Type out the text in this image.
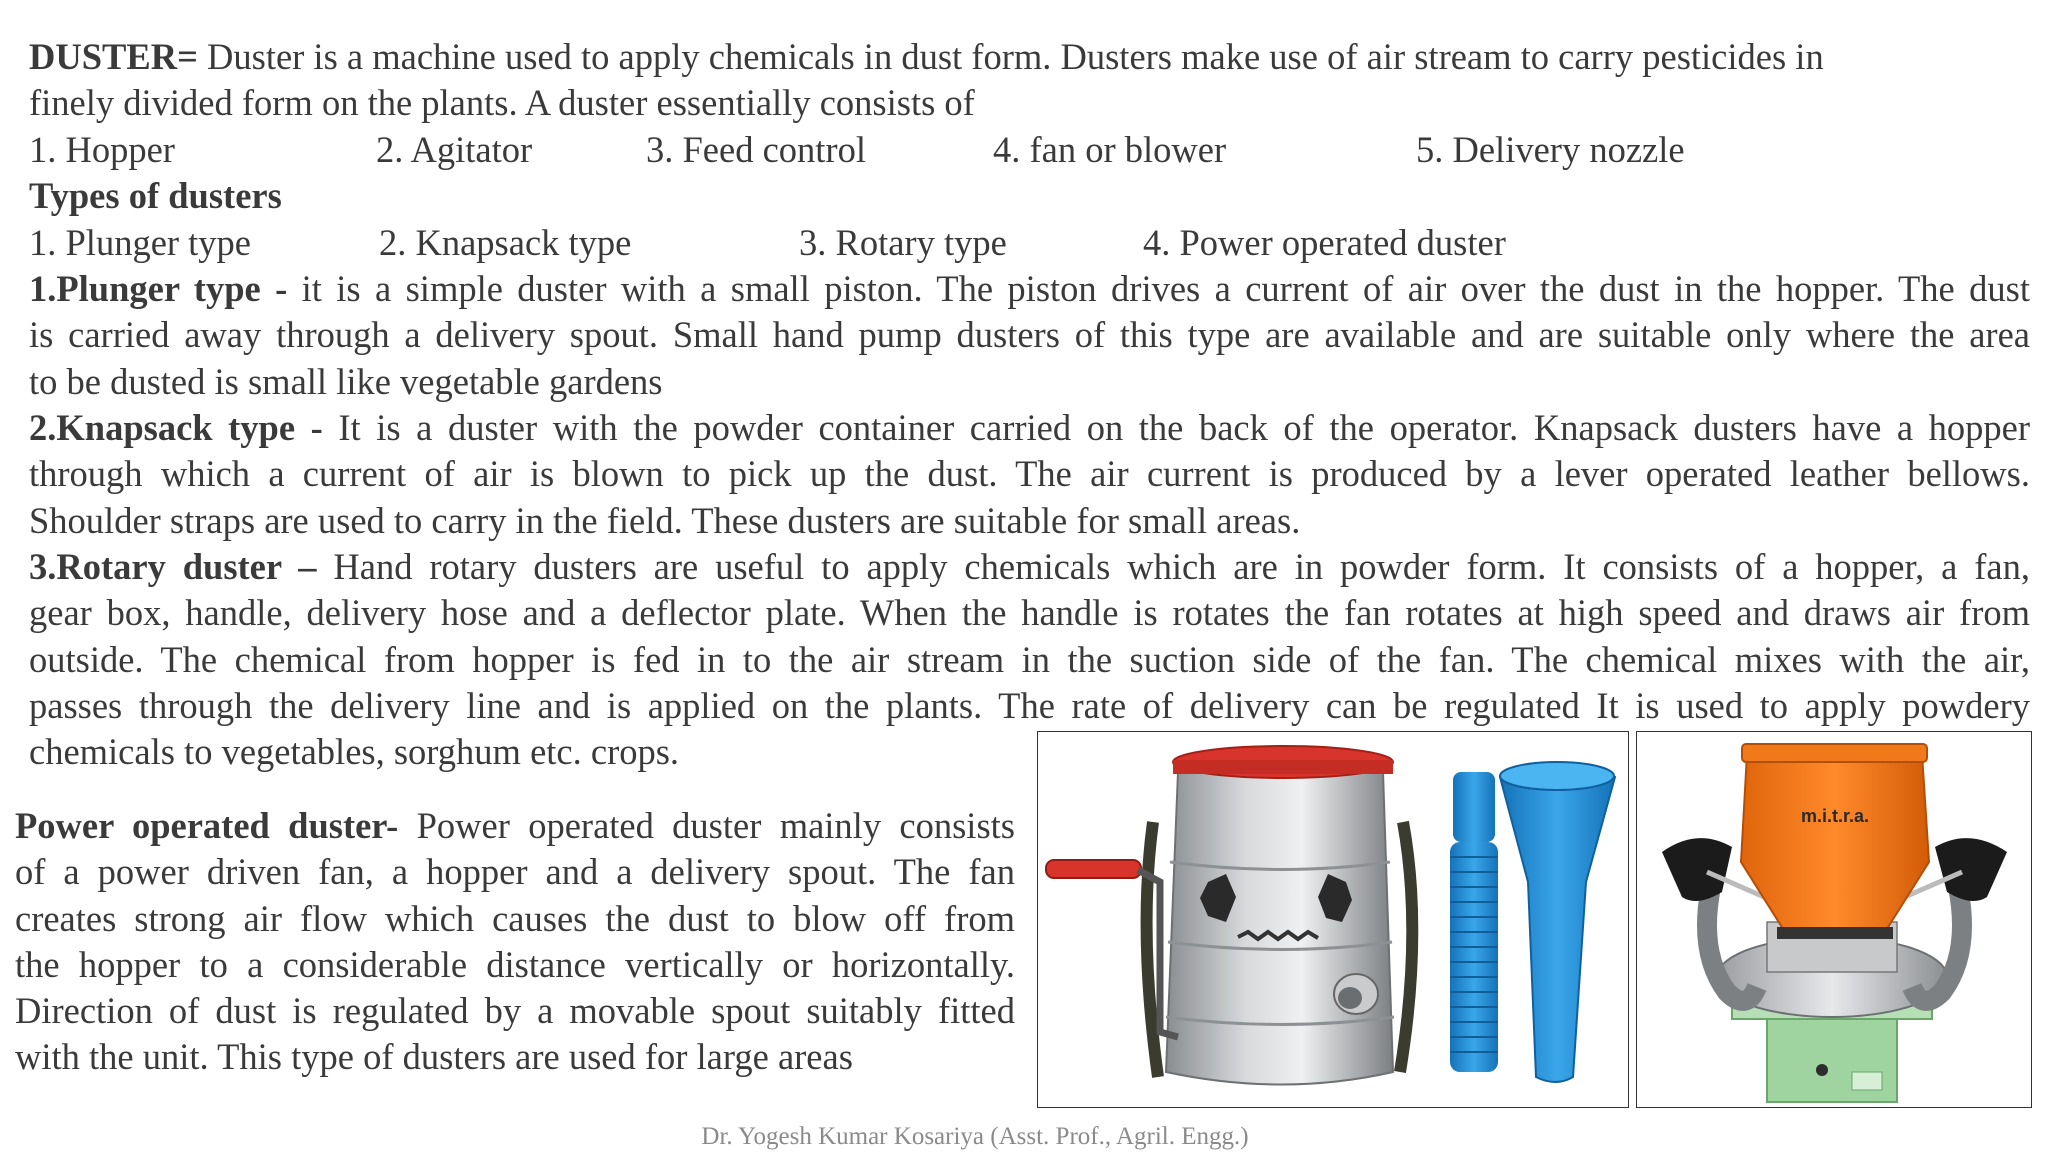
DUSTER= Duster is a machine used to apply chemicals in dust form. Dusters make use of air stream to carry pesticides in
finely divided form on the plants. A duster essentially consists of
1. Hopper	2. Agitator	3. Feed control	4. fan or blower	5. Delivery nozzle
Types of dusters
1. Plunger type	2. Knapsack type	3. Rotary type	4. Power operated duster
1.Plunger type - it is a simple duster with a small piston. The piston drives a current of air over the dust in the hopper. The dust
is carried away through a delivery spout. Small hand pump dusters of this type are available and are suitable only where the area
to be dusted is small like vegetable gardens
2.Knapsack type - It is a duster with the powder container carried on the back of the operator. Knapsack dusters have a hopper
through which a current of air is blown to pick up the dust. The air current is produced by a lever operated leather bellows.
Shoulder straps are used to carry in the field. These dusters are suitable for small areas.
3.Rotary duster – Hand rotary dusters are useful to apply chemicals which are in powder form. It consists of a hopper, a fan,
gear box, handle, delivery hose and a deflector plate. When the handle is rotates the fan rotates at high speed and draws air from
outside. The chemical from hopper is fed in to the air stream in the suction side of the fan. The chemical mixes with the air,
passes through the delivery line and is applied on the plants. The rate of delivery can be regulated It is used to apply powdery
chemicals to vegetables, sorghum etc. crops.
Power operated duster- Power operated duster mainly consists
of a power driven fan, a hopper and a delivery spout. The fan
creates strong air flow which causes the dust to blow off from
the hopper to a considerable distance vertically or horizontally.
Direction of dust is regulated by a movable spout suitably fitted
with the unit. This type of dusters are used for large areas
m.i.t.r.a.
Dr. Yogesh Kumar Kosariya (Asst. Prof., Agril. Engg.)
